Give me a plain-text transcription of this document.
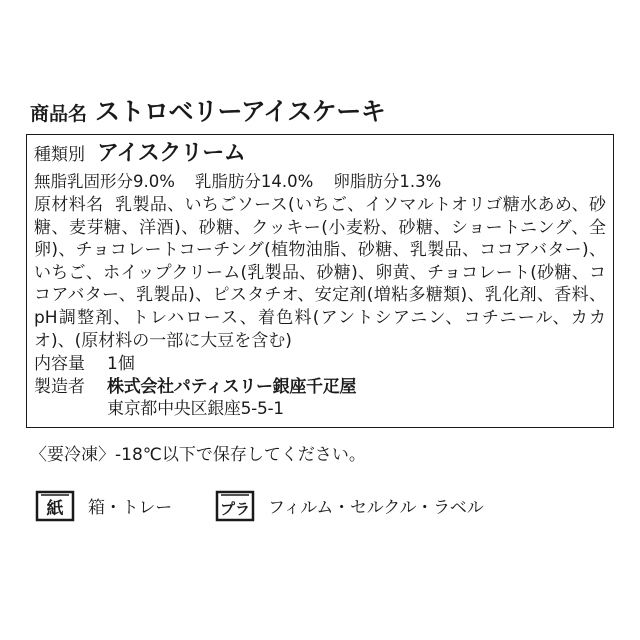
商品名 ストロベリーアイスケーキ
種類別 アイスクリーム
無脂乳固形分9.0% 乳脂肪分14.0% 卵脂肪分1.3%
原材料名 乳製品、いちごソース(いちご、イソマルトオリゴ糖水あめ、砂糖、麦芽糖、洋酒)、砂糖、クッキー(小麦粉、砂糖、ショートニング、全卵)、チョコレートコーチング(植物油脂、砂糖、乳製品、ココアバター)、いちご、ホイップクリーム(乳製品、砂糖)、卵黄、チョコレート(砂糖、ココアバター、乳製品)、ピスタチオ、安定剤(増粘多糖類)、乳化剤、香料、pH調整剤、トレハロース、着色料(アントシアニン、コチニール、カカオ)、(原材料の一部に大豆を含む)
内容量 1個
製造者 株式会社パティスリー銀座千疋屋
東京都中央区銀座5-5-1
〈要冷凍〉-18℃以下で保存してください。
紙 箱・トレー	プラ フィルム・セルクル・ラベル
